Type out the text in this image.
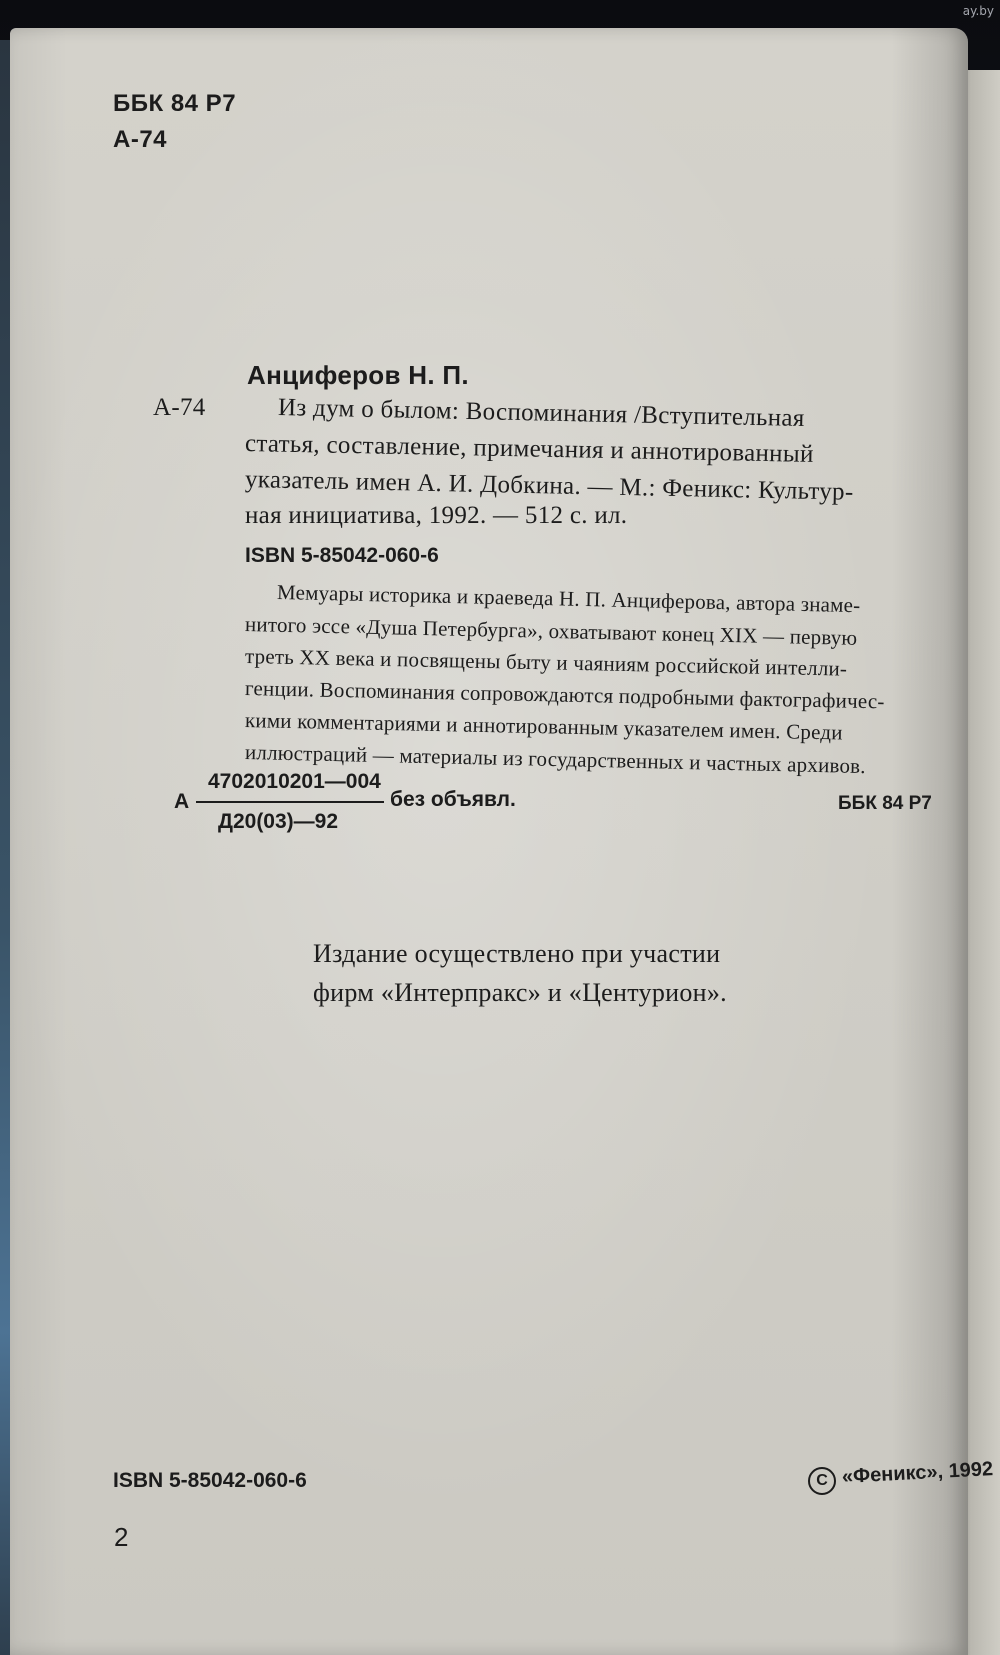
ay.by
ББК 84 Р7
А-74
Анциферов Н. П.
А-74	Из дум о былом: Воспоминания /Вступительная
статья, составление, примечания и аннотированный
указатель имен А. И. Добкина. — М.: Феникс: Культур-
ная инициатива, 1992. — 512 с. ил.
ISBN 5-85042-060-6
Мемуары историка и краеведа Н. П. Анциферова, автора знаме-
нитого эссе «Душа Петербурга», охватывают конец XIX — первую
треть XX века и посвящены быту и чаяниям российской интелли-
генции. Воспоминания сопровождаются подробными фактографичес-
кими комментариями и аннотированным указателем имен. Среди
иллюстраций — материалы из государственных и частных архивов.
А
4702010201—004
Д20(03)—92
без объявл.	ББК 84 Р7
Издание осуществлено при участии
фирм «Интерпракс» и «Центурион».
ISBN 5-85042-060-6	C «Феникс», 1992
2
